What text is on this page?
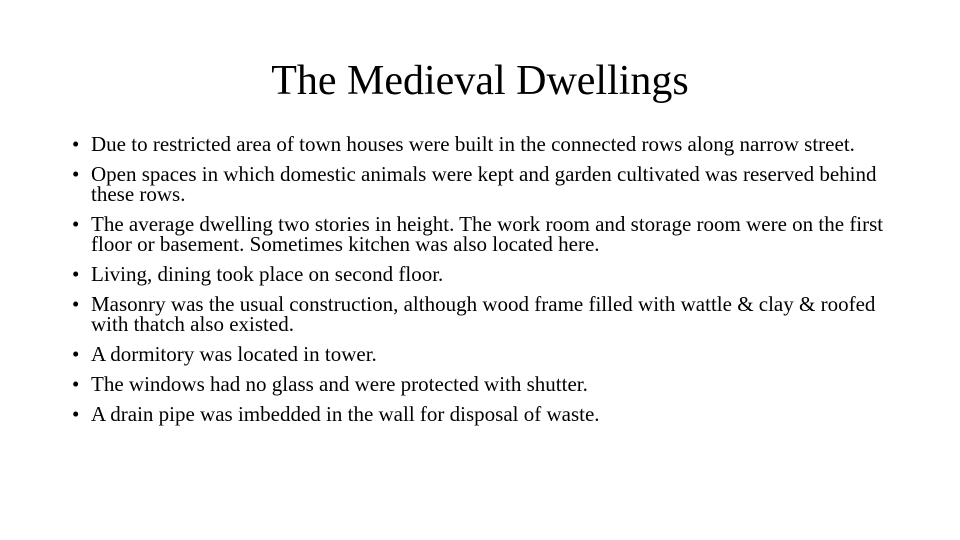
The Medieval Dwellings
• Due to restricted area of town houses were built in the connected rows along narrow street.
• Open spaces in which domestic animals were kept and garden cultivated was reserved behind these rows.
• The average dwelling two stories in height. The work room and storage room were on the first floor or basement. Sometimes kitchen was also located here.
• Living, dining took place on second floor.
• Masonry was the usual construction, although wood frame filled with wattle & clay & roofed with thatch also existed.
• A dormitory was located in tower.
• The windows had no glass and were protected with shutter.
• A drain pipe was imbedded in the wall for disposal of waste.
